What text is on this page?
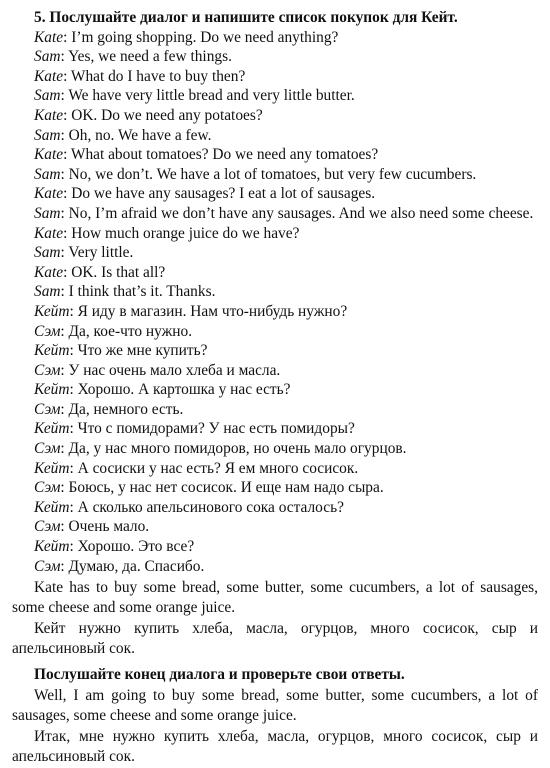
5. Послушайте диалог и напишите список покупок для Кейт.

Kate: I’m going shopping. Do we need anything?

Sam: Yes, we need a few things.

Kate: What do I have to buy then?

Sam: We have very little bread and very little butter.

Kate: OK. Do we need any potatoes?

Sam: Oh, no. We have a few.

Kate: What about tomatoes? Do we need any tomatoes?

Sam: No, we don’t. We have a lot of tomatoes, but very few cucumbers.

Kate: Do we have any sausages? I eat a lot of sausages.

Sam: No, I’m afraid we don’t have any sausages. And we also need some cheese.

Kate: How much orange juice do we have?

Sam: Very little.

Kate: OK. Is that all?

Sam: I think that’s it. Thanks.

Кейт: Я иду в магазин. Нам что-нибудь нужно?

Сэм: Да, кое-что нужно.

Кейт: Что же мне купить?

Сэм: У нас очень мало хлеба и масла.

Кейт: Хорошо. А картошка у нас есть?

Сэм: Да, немного есть.

Кейт: Что с помидорами? У нас есть помидоры?

Сэм: Да, у нас много помидоров, но очень мало огурцов.

Кейт: А сосиски у нас есть? Я ем много сосисок.

Сэм: Боюсь, у нас нет сосисок. И еще нам надо сыра.

Кейт: А сколько апельсинового сока осталось?

Сэм: Очень мало.

Кейт: Хорошо. Это все?

Сэм: Думаю, да. Спасибо.

Kate has to buy some bread, some butter, some cucumbers, a lot of sausages, some cheese and some orange juice.

Кейт нужно купить хлеба, масла, огурцов, много сосисок, сыр и апельсиновый сок.

Послушайте конец диалога и проверьте свои ответы.

Well, I am going to buy some bread, some butter, some cucumbers, a lot of sausages, some cheese and some orange juice.

Итак, мне нужно купить хлеба, масла, огурцов, много сосисок, сыр и апельсиновый сок.
